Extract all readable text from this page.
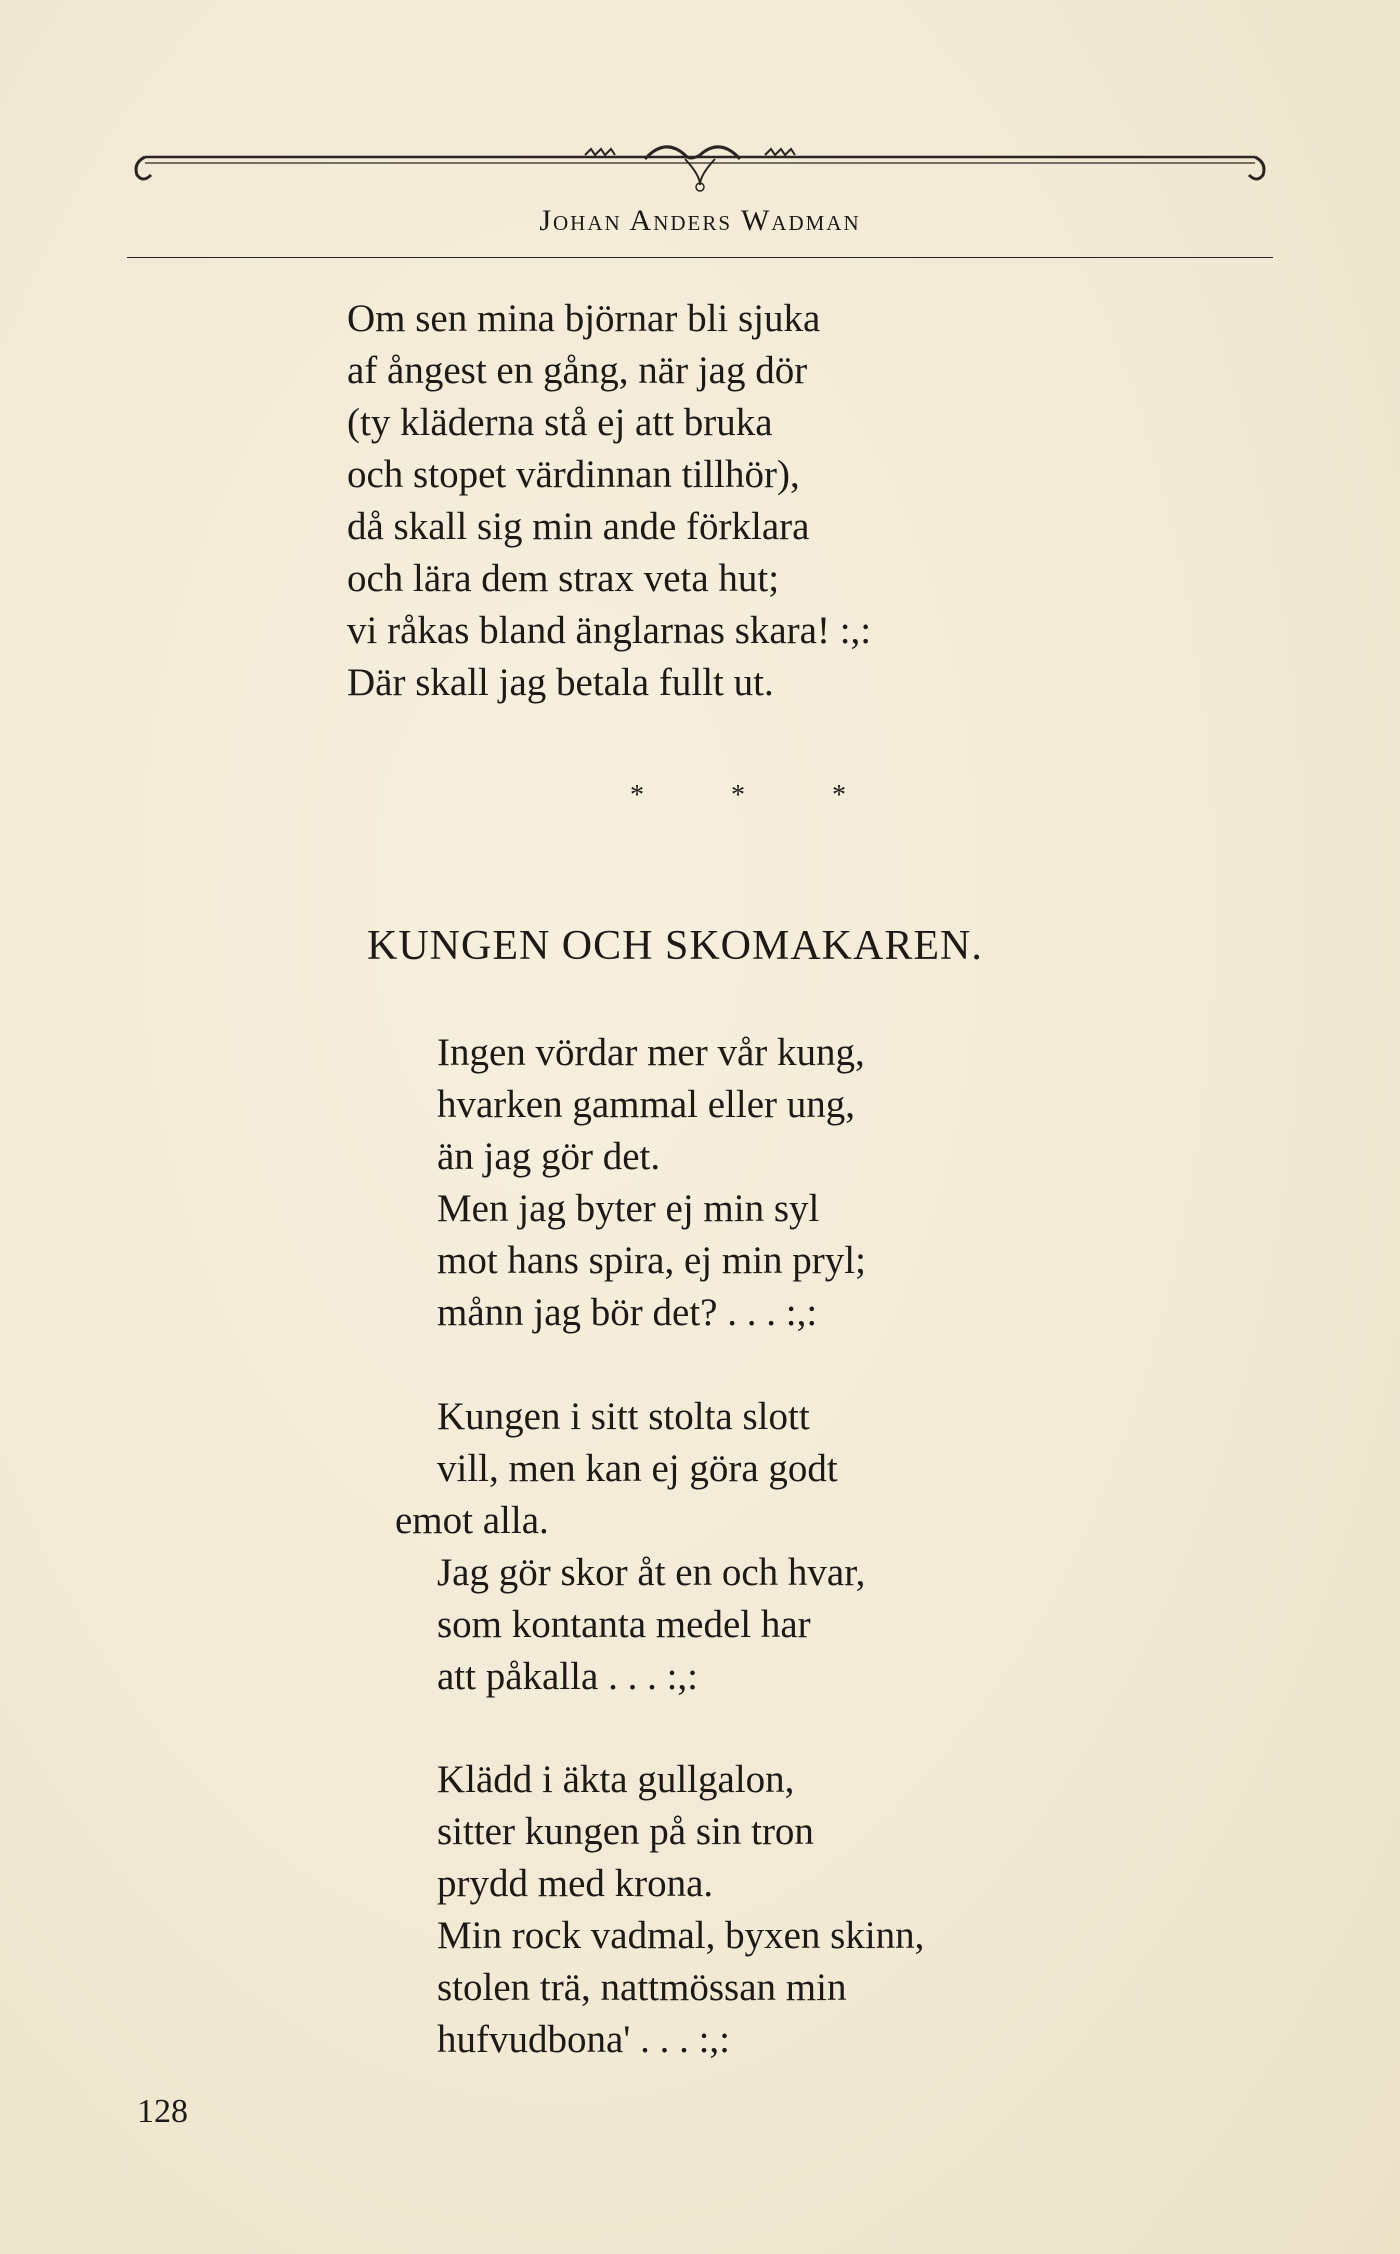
Johan Anders Wadman
Om sen mina björnar bli sjuka
af ångest en gång, när jag dör
(ty kläderna stå ej att bruka
och stopet värdinnan tillhör),
då skall sig min ande förklara
och lära dem strax veta hut;
vi råkas bland änglarnas skara! :,:
Där skall jag betala fullt ut.
* * *
KUNGEN OCH SKOMAKAREN.
Ingen vördar mer vår kung,
hvarken gammal eller ung,
än jag gör det.
Men jag byter ej min syl
mot hans spira, ej min pryl;
månn jag bör det? . . . :,:
Kungen i sitt stolta slott
vill, men kan ej göra godt
emot alla.
Jag gör skor åt en och hvar,
som kontanta medel har
att påkalla . . . :,:
Klädd i äkta gullgalon,
sitter kungen på sin tron
prydd med krona.
Min rock vadmal, byxen skinn,
stolen trä, nattmössan min
hufvudbona' . . . :,:
128
